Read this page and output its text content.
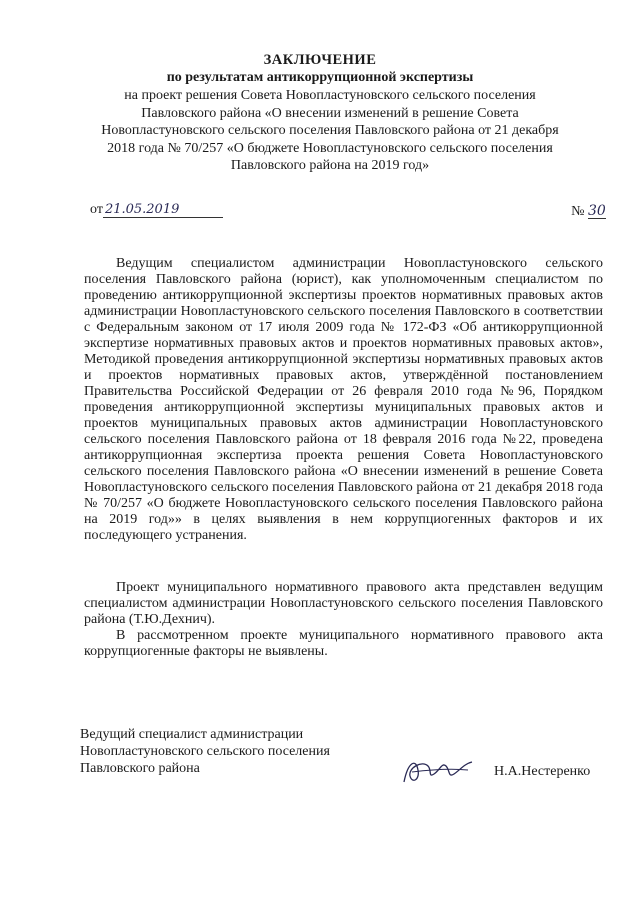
ЗАКЛЮЧЕНИЕ
по результатам антикоррупционной экспертизы
на проект решения Совета Новопластуновского сельского поселения
Павловского района «О внесении изменений в решение Совета
Новопластуновского сельского поселения Павловского района от 21 декабря
2018 года № 70/257 «О бюджете Новопластуновского сельского поселения
Павловского района на 2019 год»
от 21.05.2019	№ 30

Ведущим специалистом администрации Новопластуновского сельского поселения Павловского района (юрист), как уполномоченным специалистом по проведению антикоррупционной экспертизы проектов нормативных правовых актов администрации Новопластуновского сельского поселения Павловского в соответствии с Федеральным законом от 17 июля 2009 года № 172-ФЗ «Об антикоррупционной экспертизе нормативных правовых актов и проектов нормативных правовых актов», Методикой проведения антикоррупционной экспертизы нормативных правовых актов и проектов нормативных правовых актов, утверждённой постановлением Правительства Российской Федерации от 26 февраля 2010 года №96, Порядком проведения антикоррупционной экспертизы муниципальных правовых актов и проектов муниципальных правовых актов администрации Новопластуновского сельского поселения Павловского района от 18 февраля 2016 года №22, проведена антикоррупционная экспертиза проекта решения Совета Новопластуновского сельского поселения Павловского района «О внесении изменений в решение Совета Новопластуновского сельского поселения Павловского района от 21 декабря 2018 года № 70/257 «О бюджете Новопластуновского сельского поселения Павловского района на 2019 год»» в целях выявления в нем коррупциогенных факторов и их последующего устранения.

Проект муниципального нормативного правового акта представлен ведущим специалистом администрации Новопластуновского сельского поселения Павловского района (Т.Ю.Дехнич).

В рассмотренном проекте муниципального нормативного правового акта коррупциогенные факторы не выявлены.

Ведущий специалист администрации
Новопластуновского сельского поселения
Павловского района	Н.А.Нестеренко
